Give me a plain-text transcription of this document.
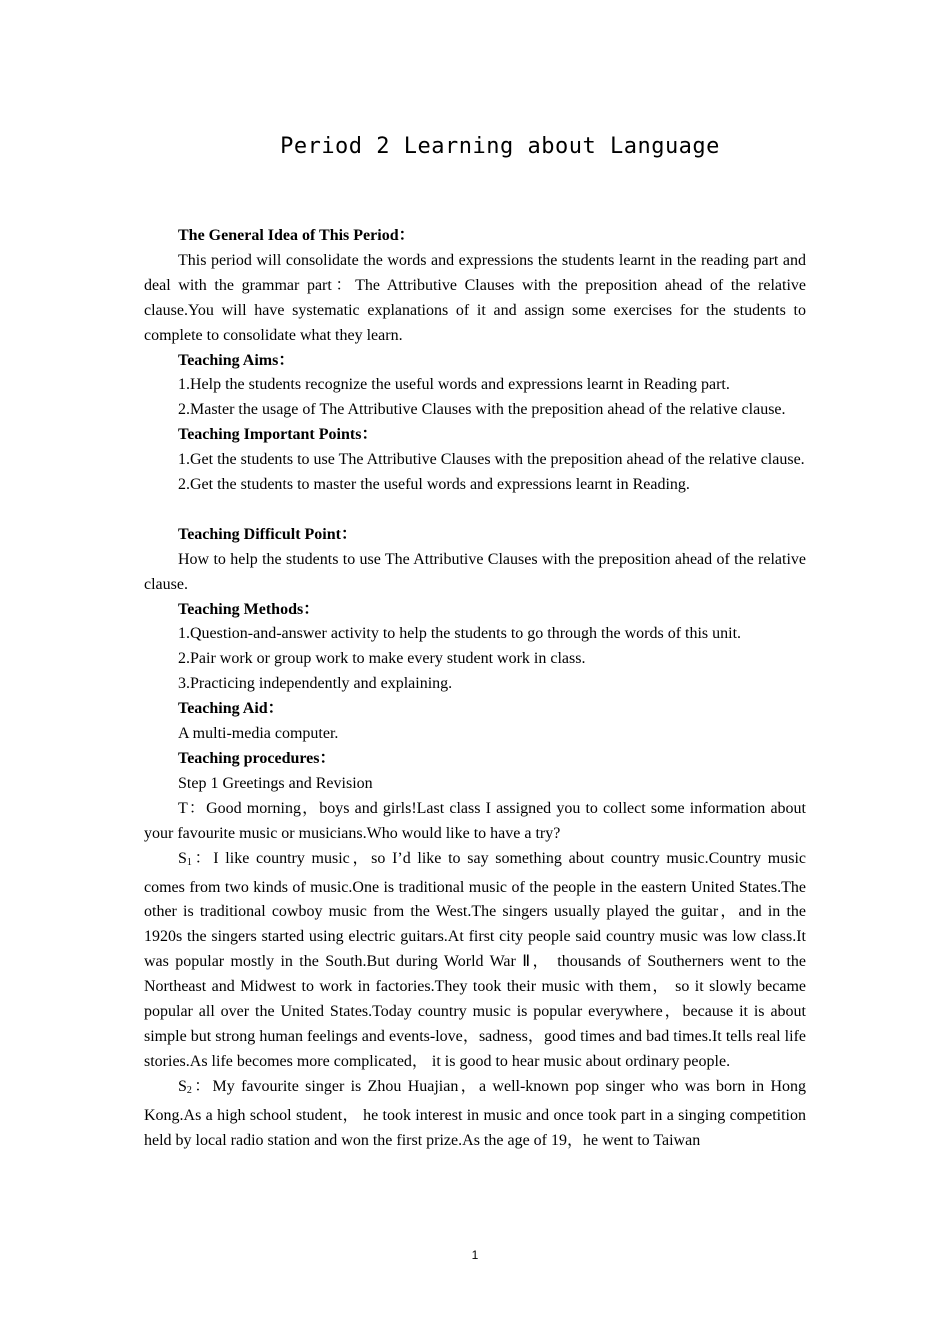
Period 2 Learning about Language

The General Idea of This Period：

This period will consolidate the words and expressions the students learnt in the reading part and deal with the grammar part：The Attributive Clauses with the preposition ahead of the relative clause.You will have systematic explanations of it and assign some exercises for the students to complete to consolidate what they learn.

Teaching Aims：

1.Help the students recognize the useful words and expressions learnt in Reading part.

2.Master the usage of The Attributive Clauses with the preposition ahead of the relative clause.

Teaching Important Points：

1.Get the students to use The Attributive Clauses with the preposition ahead of the relative clause.

2.Get the students to master the useful words and expressions learnt in Reading.

Teaching Difficult Point：

How to help the students to use The Attributive Clauses with the preposition ahead of the relative clause.

Teaching Methods：

1.Question-and-answer activity to help the students to go through the words of this unit.

2.Pair work or group work to make every student work in class.

3.Practicing independently and explaining.

Teaching Aid：

A multi-media computer.

Teaching procedures：

Step 1 Greetings and Revision

T：Good morning，boys and girls!Last class I assigned you to collect some information about your favourite music or musicians.Who would like to have a try?

$S_1$：I like country music，so I’d like to say something about country music.Country music comes from two kinds of music.One is traditional music of the people in the eastern United States.The other is traditional cowboy music from the West.The singers usually played the guitar，and in the 1920s the singers started using electric guitars.At first city people said country music was low class.It was popular mostly in the South.But during World War Ⅱ， thousands of Southerners went to the Northeast and Midwest to work in factories.They took their music with them， so it slowly became popular all over the United States.Today country music is popular everywhere，because it is about simple but strong human feelings and events-love，sadness，good times and bad times.It tells real life stories.As life becomes more complicated， it is good to hear music about ordinary people.

$S_2$：My favourite singer is Zhou Huajian，a well-known pop singer who was born in Hong Kong.As a high school student， he took interest in music and once took part in a singing competition held by local radio station and won the first prize.As the age of 19，he went to Taiwan

1
